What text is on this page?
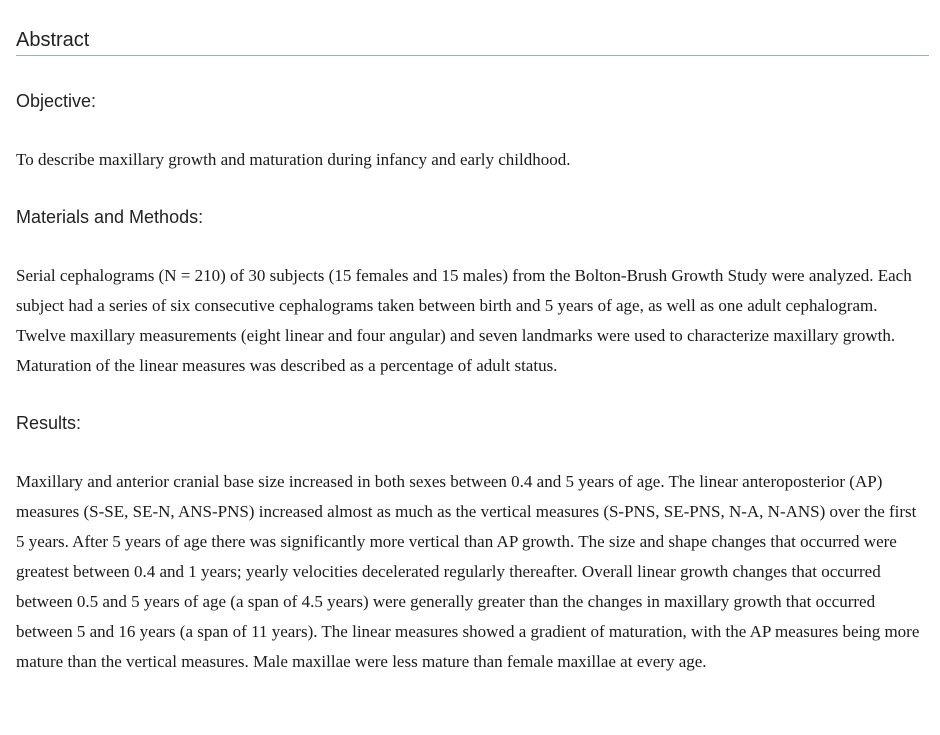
Abstract
Objective:

To describe maxillary growth and maturation during infancy and early childhood.

Materials and Methods:

Serial cephalograms (N = 210) of 30 subjects (15 females and 15 males) from the Bolton-Brush Growth Study were analyzed. Each subject had a series of six consecutive cephalograms taken between birth and 5 years of age, as well as one adult cephalogram. Twelve maxillary measurements (eight linear and four angular) and seven landmarks were used to characterize maxillary growth. Maturation of the linear measures was described as a percentage of adult status.

Results:

Maxillary and anterior cranial base size increased in both sexes between 0.4 and 5 years of age. The linear anteroposterior (AP) measures (S-SE, SE-N, ANS-PNS) increased almost as much as the vertical measures (S-PNS, SE-PNS, N-A, N-ANS) over the first 5 years. After 5 years of age there was significantly more vertical than AP growth. The size and shape changes that occurred were greatest between 0.4 and 1 years; yearly velocities decelerated regularly thereafter. Overall linear growth changes that occurred between 0.5 and 5 years of age (a span of 4.5 years) were generally greater than the changes in maxillary growth that occurred between 5 and 16 years (a span of 11 years). The linear measures showed a gradient of maturation, with the AP measures being more mature than the vertical measures. Male maxillae were less mature than female maxillae at every age.
